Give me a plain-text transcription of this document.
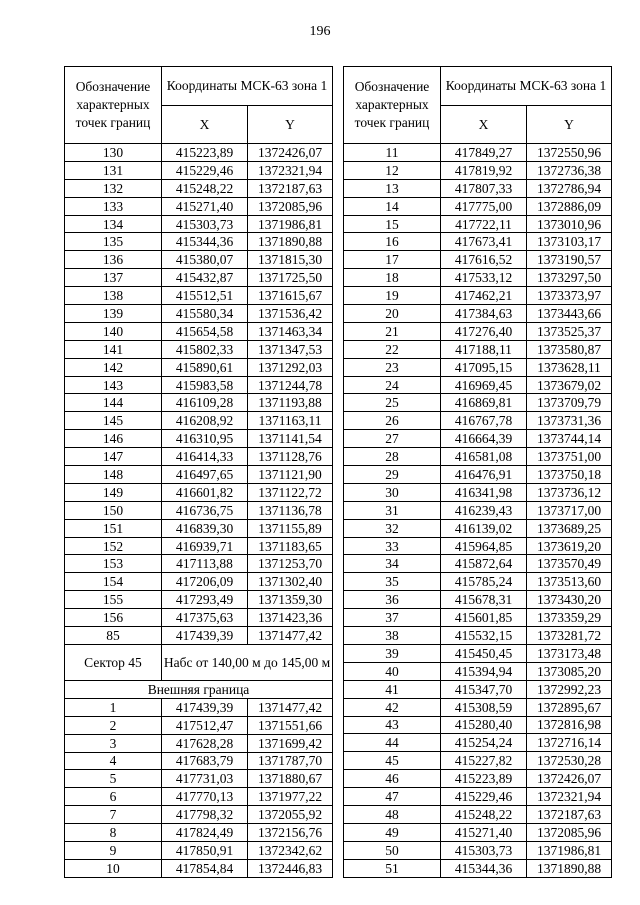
196
Обозначение характерных точек границ	Координаты МСК-63 зона 1	
	X	Y
130	415223,89	1372426,07
131	415229,46	1372321,94
132	415248,22	1372187,63
133	415271,40	1372085,96
134	415303,73	1371986,81
135	415344,36	1371890,88
136	415380,07	1371815,30
137	415432,87	1371725,50
138	415512,51	1371615,67
139	415580,34	1371536,42
140	415654,58	1371463,34
141	415802,33	1371347,53
142	415890,61	1371292,03
143	415983,58	1371244,78
144	416109,28	1371193,88
145	416208,92	1371163,11
146	416310,95	1371141,54
147	416414,33	1371128,76
148	416497,65	1371121,90
149	416601,82	1371122,72
150	416736,75	1371136,78
151	416839,30	1371155,89
152	416939,71	1371183,65
153	417113,88	1371253,70
154	417206,09	1371302,40
155	417293,49	1371359,30
156	417375,63	1371423,36
85	417439,39	1371477,42
Сектор 45	Набс от 140,00 м до 145,00 м	
Внешняя граница		
1	417439,39	1371477,42
2	417512,47	1371551,66
3	417628,28	1371699,42
4	417683,79	1371787,70
5	417731,03	1371880,67
6	417770,13	1371977,22
7	417798,32	1372055,92
8	417824,49	1372156,76
9	417850,91	1372342,62
10	417854,84	1372446,83
Обозначение характерных точек границ	Координаты МСК-63 зона 1	
	X	Y
11	417849,27	1372550,96
12	417819,92	1372736,38
13	417807,33	1372786,94
14	417775,00	1372886,09
15	417722,11	1373010,96
16	417673,41	1373103,17
17	417616,52	1373190,57
18	417533,12	1373297,50
19	417462,21	1373373,97
20	417384,63	1373443,66
21	417276,40	1373525,37
22	417188,11	1373580,87
23	417095,15	1373628,11
24	416969,45	1373679,02
25	416869,81	1373709,79
26	416767,78	1373731,36
27	416664,39	1373744,14
28	416581,08	1373751,00
29	416476,91	1373750,18
30	416341,98	1373736,12
31	416239,43	1373717,00
32	416139,02	1373689,25
33	415964,85	1373619,20
34	415872,64	1373570,49
35	415785,24	1373513,60
36	415678,31	1373430,20
37	415601,85	1373359,29
38	415532,15	1373281,72
39	415450,45	1373173,48
40	415394,94	1373085,20
41	415347,70	1372992,23
42	415308,59	1372895,67
43	415280,40	1372816,98
44	415254,24	1372716,14
45	415227,82	1372530,28
46	415223,89	1372426,07
47	415229,46	1372321,94
48	415248,22	1372187,63
49	415271,40	1372085,96
50	415303,73	1371986,81
51	415344,36	1371890,88
